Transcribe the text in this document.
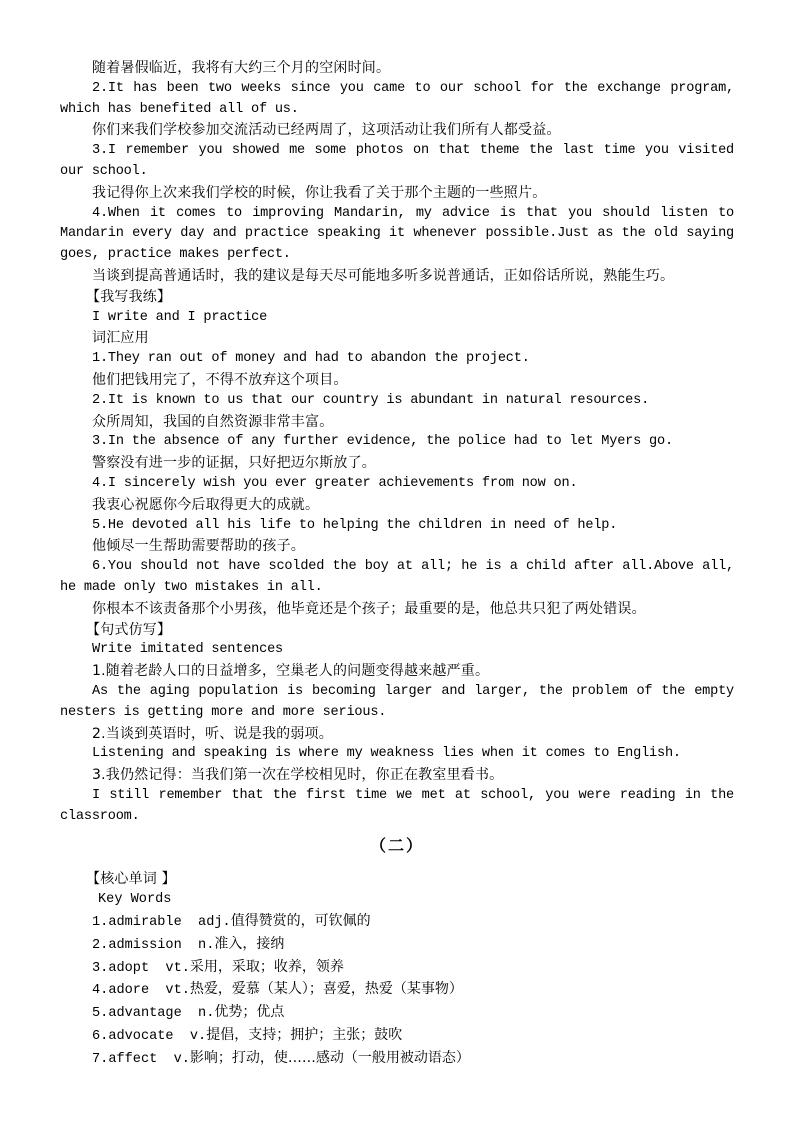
随着暑假临近，我将有大约三个月的空闲时间。

2.It has been two weeks since you came to our school for the exchange program, which has benefited all of us.

你们来我们学校参加交流活动已经两周了，这项活动让我们所有人都受益。

3.I remember you showed me some photos on that theme the last time you visited our school.

我记得你上次来我们学校的时候，你让我看了关于那个主题的一些照片。

4.When it comes to improving Mandarin, my advice is that you should listen to Mandarin every day and practice speaking it whenever possible.Just as the old saying goes, practice makes perfect.

当谈到提高普通话时，我的建议是每天尽可能地多听多说普通话，正如俗话所说，熟能生巧。

【我写我练】

I write and I practice

词汇应用

1.They ran out of money and had to abandon the project.

他们把钱用完了，不得不放弃这个项目。

2.It is known to us that our country is abundant in natural resources.

众所周知，我国的自然资源非常丰富。

3.In the absence of any further evidence, the police had to let Myers go.

警察没有进一步的证据，只好把迈尔斯放了。

4.I sincerely wish you ever greater achievements from now on.

我衷心祝愿你今后取得更大的成就。

5.He devoted all his life to helping the children in need of help.

他倾尽一生帮助需要帮助的孩子。

6.You should not have scolded the boy at all; he is a child after all.Above all, he made only two mistakes in all.

你根本不该责备那个小男孩，他毕竟还是个孩子；最重要的是，他总共只犯了两处错误。

【句式仿写】

Write imitated sentences

1.随着老龄人口的日益增多，空巢老人的问题变得越来越严重。

As the aging population is becoming larger and larger, the problem of the empty nesters is getting more and more serious.

2.当谈到英语时，听、说是我的弱项。

Listening and speaking is where my weakness lies when it comes to English.

3.我仍然记得：当我们第一次在学校相见时，你正在教室里看书。

I still remember that the first time we met at school, you were reading in the classroom.

（二）

【核心单词 】

Key Words

1.admirable  adj.值得赞赏的，可钦佩的

2.admission  n.准入，接纳

3.adopt  vt.采用，采取；收养，领养

4.adore  vt.热爱，爱慕（某人）；喜爱，热爱（某事物）

5.advantage  n.优势；优点

6.advocate  v.提倡，支持；拥护；主张；鼓吹

7.affect  v.影响；打动，使……感动（一般用被动语态）
